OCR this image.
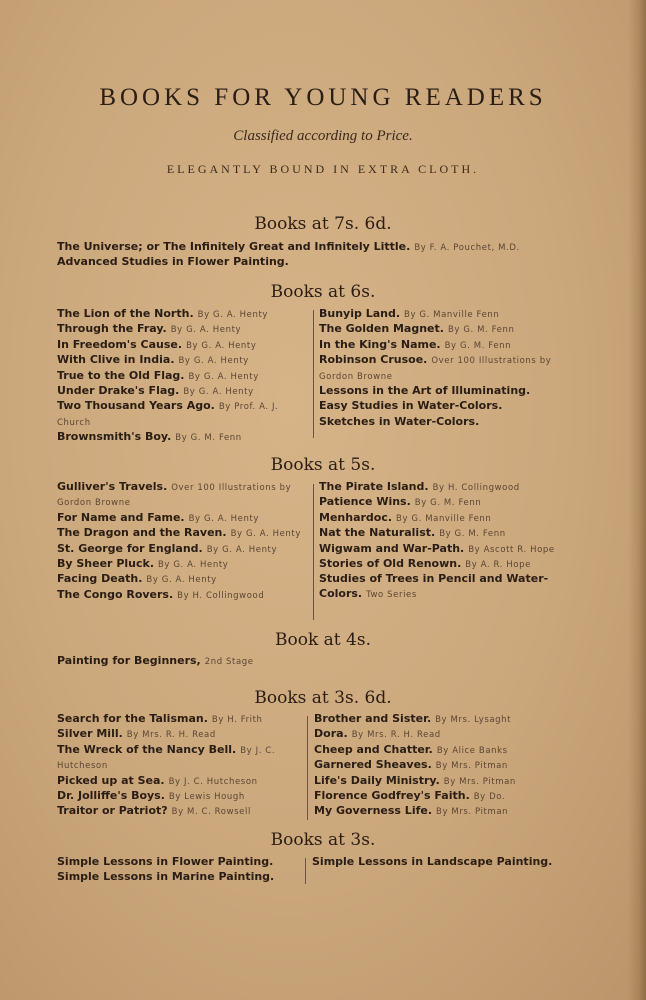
BOOKS FOR YOUNG READERS
Classified according to Price.
ELEGANTLY BOUND IN EXTRA CLOTH.
Books at 7s. 6d.
The Universe; or The Infinitely Great and Infinitely Little. By F. A. Pouchet, M.D.
Advanced Studies in Flower Painting.
Books at 6s.
The Lion of the North. By G. A. Henty
Through the Fray. By G. A. Henty
In Freedom's Cause. By G. A. Henty
With Clive in India. By G. A. Henty
True to the Old Flag. By G. A. Henty
Under Drake's Flag. By G. A. Henty
Two Thousand Years Ago. By Prof. A. J. Church
Brownsmith's Boy. By G. M. Fenn
Bunyip Land. By G. Manville Fenn
The Golden Magnet. By G. M. Fenn
In the King's Name. By G. M. Fenn
Robinson Crusoe. Over 100 Illustrations by Gordon Browne
Lessons in the Art of Illuminating.
Easy Studies in Water-Colors.
Sketches in Water-Colors.
Books at 5s.
Gulliver's Travels. Over 100 Illustrations by Gordon Browne
For Name and Fame. By G. A. Henty
The Dragon and the Raven. By G. A. Henty
St. George for England. By G. A. Henty
By Sheer Pluck. By G. A. Henty
Facing Death. By G. A. Henty
The Congo Rovers. By H. Collingwood
The Pirate Island. By H. Collingwood
Patience Wins. By G. M. Fenn
Menhardoc. By G. Manville Fenn
Nat the Naturalist. By G. M. Fenn
Wigwam and War-Path. By Ascott R. Hope
Stories of Old Renown. By A. R. Hope
Studies of Trees in Pencil and Water-Colors. Two Series
Book at 4s.
Painting for Beginners, 2nd Stage
Books at 3s. 6d.
Search for the Talisman. By H. Frith
Silver Mill. By Mrs. R. H. Read
The Wreck of the Nancy Bell. By J. C. Hutcheson
Picked up at Sea. By J. C. Hutcheson
Dr. Jolliffe's Boys. By Lewis Hough
Traitor or Patriot? By M. C. Rowsell
Brother and Sister. By Mrs. Lysaght
Dora. By Mrs. R. H. Read
Cheep and Chatter. By Alice Banks
Garnered Sheaves. By Mrs. Pitman
Life's Daily Ministry. By Mrs. Pitman
Florence Godfrey's Faith. By Do.
My Governess Life. By Mrs. Pitman
Books at 3s.
Simple Lessons in Flower Painting.
Simple Lessons in Marine Painting.
Simple Lessons in Landscape Painting.
